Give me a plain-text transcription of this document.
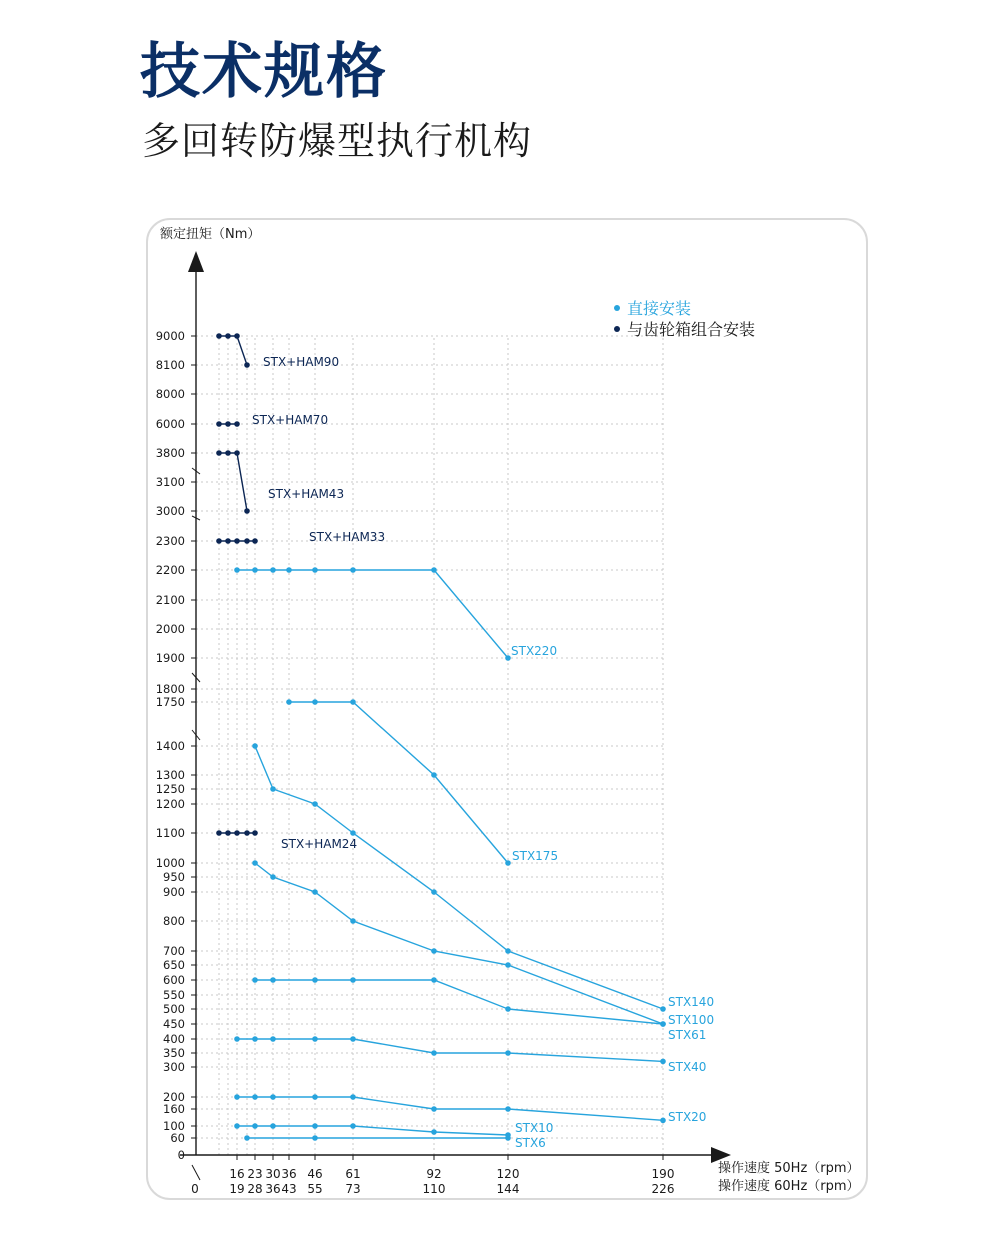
技术规格
多回转防爆型执行机构
额定扭矩（Nm）
0
60
100
160
200
300
350
400
450
500
550
600
650
700
800
900
950
1000
1100
1200
1250
1300
1400
1750
1800
1900
2000
2100
2200
2300
3000
3100
3800
6000
8000
8100
9000
16
19
23
28
30
36
36
43
46
55
61
73
92
110
120
144
190
226
0
操作速度 50Hz（rpm）
操作速度 60Hz（rpm）
STX+HAM90
STX+HAM70
STX+HAM43
STX+HAM33
STX+HAM24
STX220
STX175
STX140
STX100
STX61
STX40
STX20
STX10
STX6
直接安装
与齿轮箱组合安装
